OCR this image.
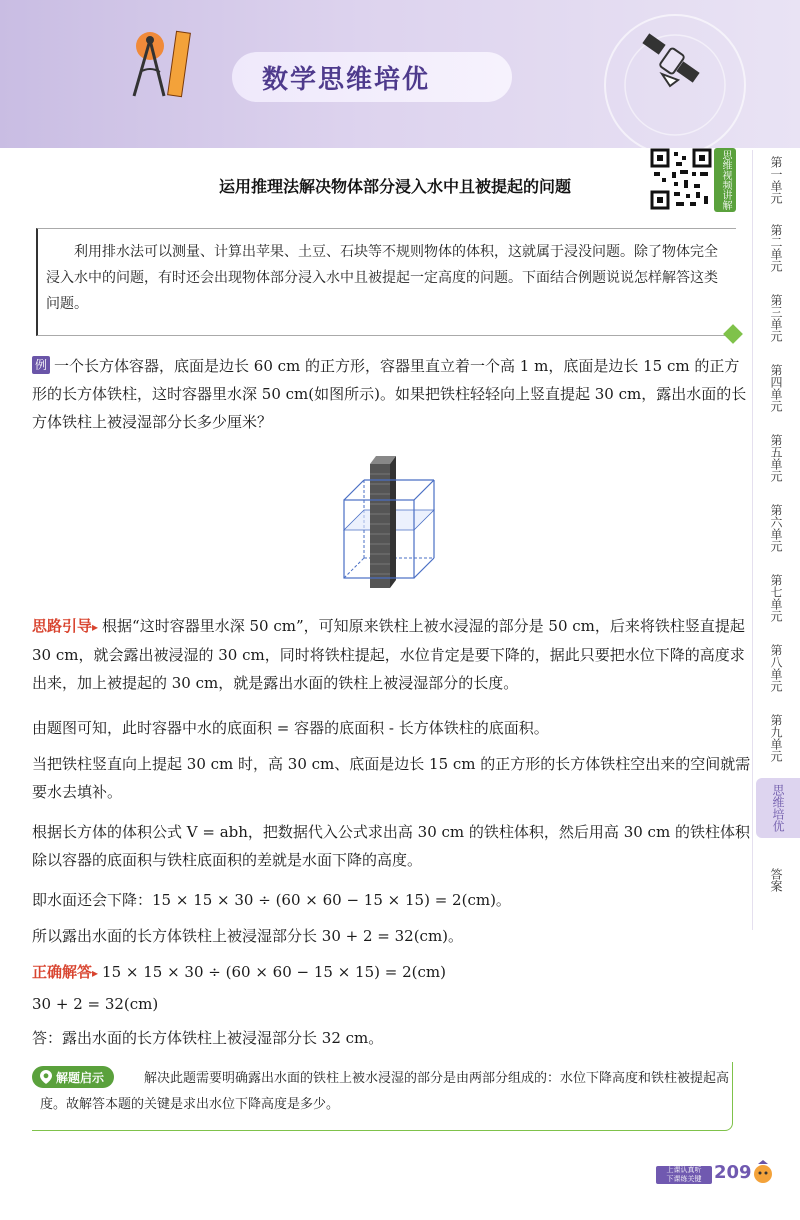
数学思维培优
第一单元
第二单元
第三单元
第四单元
第五单元
第六单元
第七单元
第八单元
第九单元
思维培优
答案
运用推理法解决物体部分浸入水中且被提起的问题	思维视频讲解
利用排水法可以测量、计算出苹果、土豆、石块等不规则物体的体积，这就属于浸没问题。除了物体完全浸入水中的问题，有时还会出现物体部分浸入水中且被提起一定高度的问题。下面结合例题说说怎样解答这类问题。
例 一个长方体容器，底面是边长 60 cm 的正方形，容器里直立着一个高 1 m，底面是边长 15 cm 的正方形的长方体铁柱，这时容器里水深 50 cm(如图所示)。如果把铁柱轻轻向上竖直提起 30 cm，露出水面的长方体铁柱上被浸湿部分长多少厘米？
思路引导▸ 根据“这时容器里水深 50 cm”，可知原来铁柱上被水浸湿的部分是 50 cm，后来将铁柱竖直提起 30 cm，就会露出被浸湿的 30 cm，同时将铁柱提起，水位肯定是要下降的，据此只要把水位下降的高度求出来，加上被提起的 30 cm，就是露出水面的铁柱上被浸湿部分的长度。
由题图可知，此时容器中水的底面积 = 容器的底面积 - 长方体铁柱的底面积。
当把铁柱竖直向上提起 30 cm 时，高 30 cm、底面是边长 15 cm 的正方形的长方体铁柱空出来的空间就需要水去填补。
根据长方体的体积公式 V = abh，把数据代入公式求出高 30 cm 的铁柱体积，然后用高 30 cm 的铁柱体积除以容器的底面积与铁柱底面积的差就是水面下降的高度。
即水面还会下降：15 × 15 × 30 ÷ (60 × 60 − 15 × 15) = 2(cm)。
所以露出水面的长方体铁柱上被浸湿部分长 30 + 2 = 32(cm)。
正确解答▸ 15 × 15 × 30 ÷ (60 × 60 − 15 × 15) = 2(cm)
30 + 2 = 32(cm)
答：露出水面的长方体铁柱上被浸湿部分长 32 cm。
解决此题需要明确露出水面的铁柱上被水浸湿的部分是由两部分组成的：水位下降高度和铁柱被提起高度。故解答本题的关键是求出水位下降高度是多少。
解题启示
上课认真听
下课练关键 209
